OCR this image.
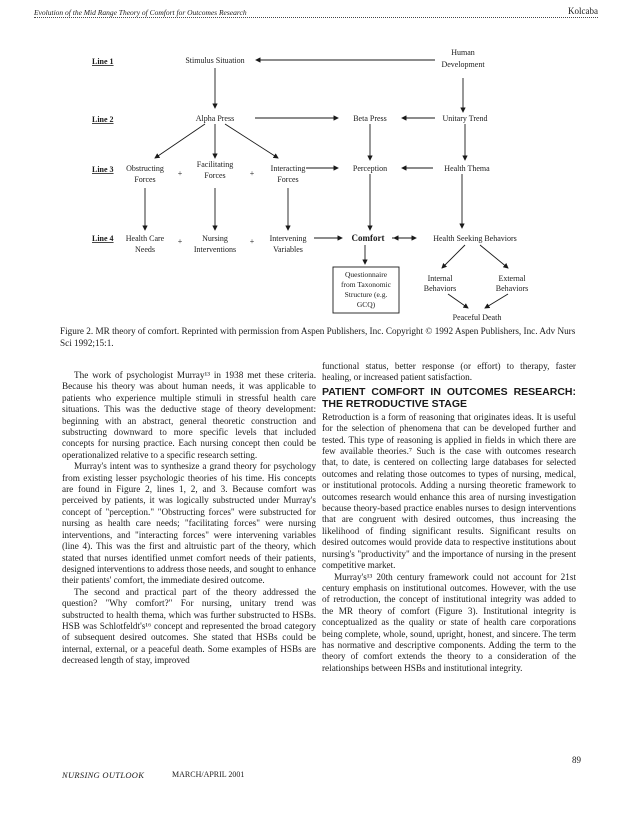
Evolution of the Mid Range Theory of Comfort for Outcomes Research	Kolcaba
Line 1
Line 2
Line 3
Line 4
Stimulus Situation
Human
Development
Alpha Press	Beta Press	Unitary Trend
Obstructing
Forces
+
Facilitating
Forces	+
Interacting
Forces
Perception	Health Thema
Health Care
Needs
+ Nursing
Interventions
+ Intervening
Variables
Comfort	Health Seeking Behaviors
Questionnaire
from Taxonomic
Structure (e.g.
GCQ)
Internal
Behaviors
External
Behaviors
Peaceful Death
Figure 2. MR theory of comfort. Reprinted with permission from Aspen Publishers, Inc. Copyright © 1992 Aspen Publishers, Inc. Adv Nurs Sci 1992;15:1.

The work of psychologist Murray¹³ in 1938 met these criteria. Because his theory was about human needs, it was applicable to patients who experience multiple stimuli in stressful health care situations. This was the deductive stage of theory development: beginning with an abstract, general theoretic construction and substructing downward to more specific levels that included concepts for nursing practice. Each nursing concept then could be operationalized relative to a specific research setting.

Murray's intent was to synthesize a grand theory for psychology from existing lesser psychologic theories of his time. His concepts are found in Figure 2, lines 1, 2, and 3. Because comfort was perceived by patients, it was logically substructed under Murray's concept of "perception." "Obstructing forces" were substructed for nursing as health care needs; "facilitating forces" were nursing interventions, and "interacting forces" were intervening variables (line 4). This was the first and altruistic part of the theory, which stated that nurses identified unmet comfort needs of their patients, designed interventions to address those needs, and sought to enhance their patients' comfort, the immediate desired outcome.

The second and practical part of the theory addressed the question? "Why comfort?" For nursing, unitary trend was substructed to health thema, which was further substructed to HSBs. HSB was Schlotfeldt's¹⁶ concept and represented the broad category of subsequent desired outcomes. She stated that HSBs could be internal, external, or a peaceful death. Some examples of HSBs are decreased length of stay, improved

functional status, better response (or effort) to therapy, faster healing, or increased patient satisfaction.

PATIENT COMFORT IN OUTCOMES RESEARCH: THE RETRODUCTIVE STAGE

Retroduction is a form of reasoning that originates ideas. It is useful for the selection of phenomena that can be developed further and tested. This type of reasoning is applied in fields in which there are few available theories.⁷ Such is the case with outcomes research that, to date, is centered on collecting large databases for selected outcomes and relating those outcomes to types of nursing, medical, or institutional protocols. Adding a nursing theoretic framework to outcomes research would enhance this area of nursing investigation because theory-based practice enables nurses to design interventions that are congruent with desired outcomes, thus increasing the likelihood of finding significant results. Significant results on desired outcomes would provide data to respective institutions about nursing's "productivity" and the importance of nursing in the present competitive market.

Murray's¹³ 20th century framework could not account for 21st century emphasis on institutional outcomes. However, with the use of retroduction, the concept of institutional integrity was added to the MR theory of comfort (Figure 3). Institutional integrity is conceptualized as the quality or state of health care corporations being complete, whole, sound, upright, honest, and sincere. The term has normative and descriptive components. Adding the term to the theory of comfort extends the theory to a consideration of the relationships between HSBs and institutional integrity.

89
NURSING OUTLOOK	MARCH/APRIL 2001
